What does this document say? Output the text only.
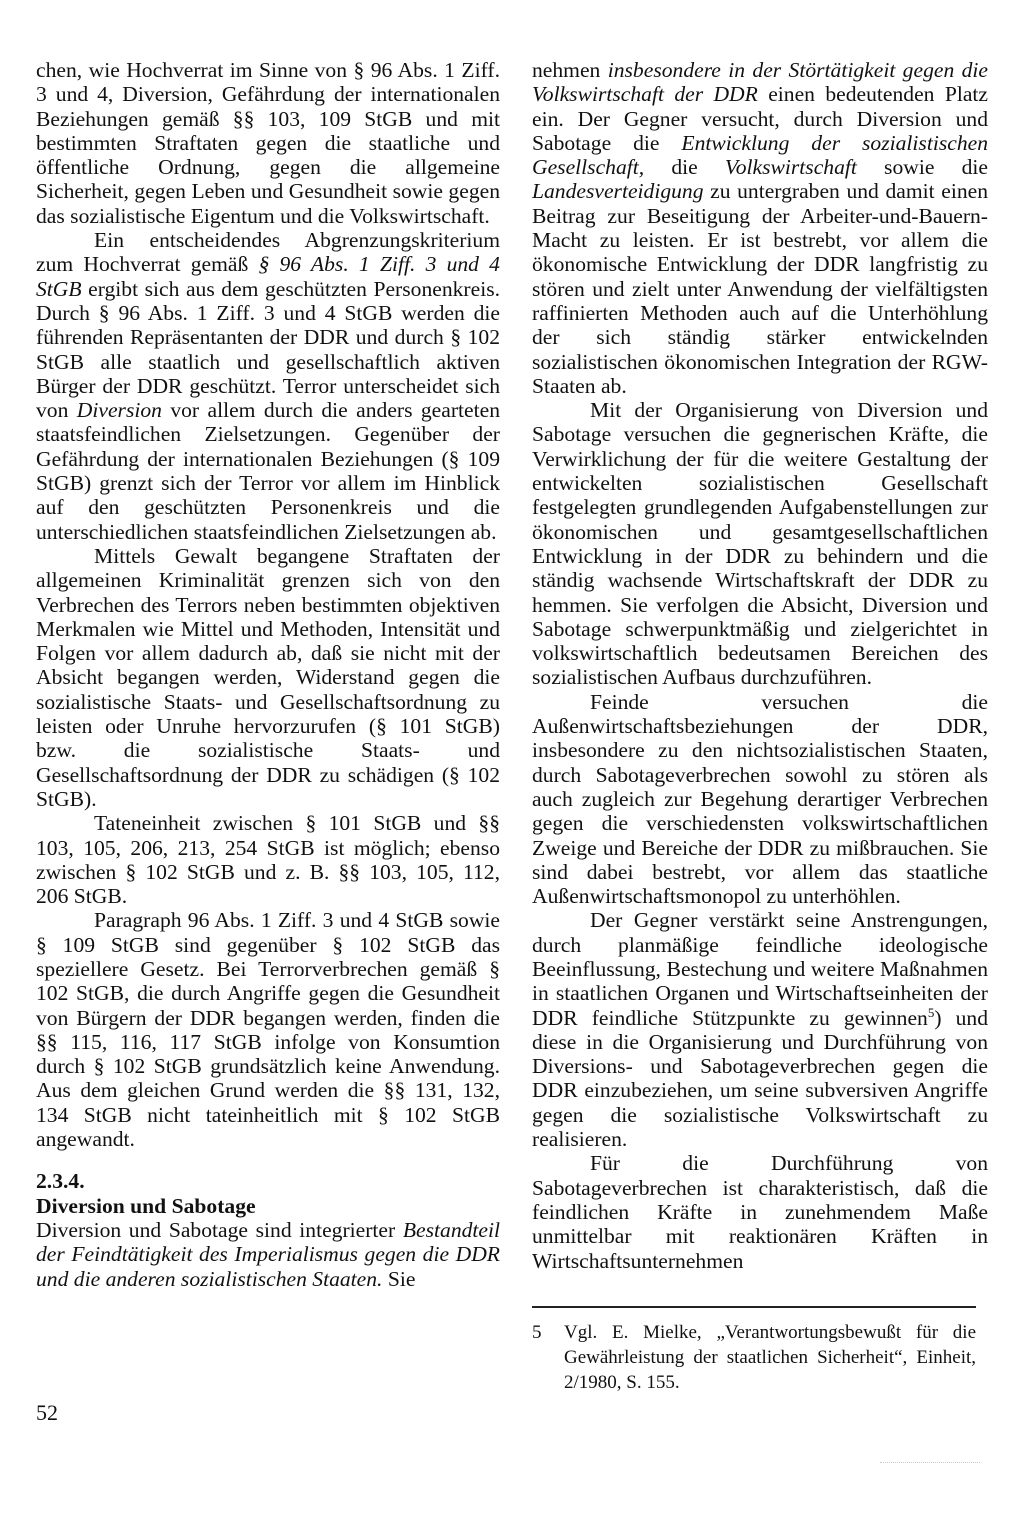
chen, wie Hochverrat im Sinne von § 96 Abs. 1 Ziff. 3 und 4, Diversion, Gefährdung der internationalen Beziehungen gemäß §§ 103, 109 StGB und mit bestimmten Straftaten gegen die staatliche und öffentliche Ordnung, gegen die allgemeine Sicherheit, gegen Leben und Gesundheit sowie gegen das sozialistische Eigentum und die Volkswirtschaft.

Ein entscheidendes Abgrenzungskriterium zum Hochverrat gemäß § 96 Abs. 1 Ziff. 3 und 4 StGB ergibt sich aus dem geschützten Personenkreis. Durch § 96 Abs. 1 Ziff. 3 und 4 StGB werden die führenden Repräsentanten der DDR und durch § 102 StGB alle staatlich und gesellschaftlich aktiven Bürger der DDR geschützt. Terror unterscheidet sich von Diversion vor allem durch die anders gearteten staatsfeindlichen Zielsetzungen. Gegenüber der Gefährdung der internationalen Beziehungen (§ 109 StGB) grenzt sich der Terror vor allem im Hinblick auf den geschützten Personenkreis und die unterschiedlichen staatsfeindlichen Zielsetzungen ab.

Mittels Gewalt begangene Straftaten der allgemeinen Kriminalität grenzen sich von den Verbrechen des Terrors neben bestimmten objektiven Merkmalen wie Mittel und Methoden, Intensität und Folgen vor allem dadurch ab, daß sie nicht mit der Absicht begangen werden, Widerstand gegen die sozialistische Staats- und Gesellschaftsordnung zu leisten oder Unruhe hervorzurufen (§ 101 StGB) bzw. die sozialistische Staats- und Gesellschaftsordnung der DDR zu schädigen (§ 102 StGB).

Tateneinheit zwischen § 101 StGB und §§ 103, 105, 206, 213, 254 StGB ist möglich; ebenso zwischen § 102 StGB und z. B. §§ 103, 105, 112, 206 StGB.

Paragraph 96 Abs. 1 Ziff. 3 und 4 StGB sowie § 109 StGB sind gegenüber § 102 StGB das speziellere Gesetz. Bei Terrorverbrechen gemäß § 102 StGB, die durch Angriffe gegen die Gesundheit von Bürgern der DDR begangen werden, finden die §§ 115, 116, 117 StGB infolge von Konsumtion durch § 102 StGB grundsätzlich keine Anwendung. Aus dem gleichen Grund werden die §§ 131, 132, 134 StGB nicht tateinheitlich mit § 102 StGB angewandt.

2.3.4.

Diversion und Sabotage

Diversion und Sabotage sind integrierter Bestandteil der Feindtätigkeit des Imperialismus gegen die DDR und die anderen sozialistischen Staaten. Sie

nehmen insbesondere in der Störtätigkeit gegen die Volkswirtschaft der DDR einen bedeutenden Platz ein. Der Gegner versucht, durch Diversion und Sabotage die Entwicklung der sozialistischen Gesellschaft, die Volkswirtschaft sowie die Landesverteidigung zu untergraben und damit einen Beitrag zur Beseitigung der Arbeiter-und-Bauern-Macht zu leisten. Er ist bestrebt, vor allem die ökonomische Entwicklung der DDR langfristig zu stören und zielt unter Anwendung der vielfältigsten raffinierten Methoden auch auf die Unterhöhlung der sich ständig stärker entwickelnden sozialistischen ökonomischen Integration der RGW-Staaten ab.

Mit der Organisierung von Diversion und Sabotage versuchen die gegnerischen Kräfte, die Verwirklichung der für die weitere Gestaltung der entwickelten sozialistischen Gesellschaft festgelegten grundlegenden Aufgabenstellungen zur ökonomischen und gesamtgesellschaftlichen Entwicklung in der DDR zu behindern und die ständig wachsende Wirtschaftskraft der DDR zu hemmen. Sie verfolgen die Absicht, Diversion und Sabotage schwerpunktmäßig und zielgerichtet in volkswirtschaftlich bedeutsamen Bereichen des sozialistischen Aufbaus durchzuführen.

Feinde versuchen die Außenwirtschaftsbeziehungen der DDR, insbesondere zu den nichtsozialistischen Staaten, durch Sabotageverbrechen sowohl zu stören als auch zugleich zur Begehung derartiger Verbrechen gegen die verschiedensten volkswirtschaftlichen Zweige und Bereiche der DDR zu mißbrauchen. Sie sind dabei bestrebt, vor allem das staatliche Außenwirtschaftsmonopol zu unterhöhlen.

Der Gegner verstärkt seine Anstrengungen, durch planmäßige feindliche ideologische Beeinflussung, Bestechung und weitere Maßnahmen in staatlichen Organen und Wirtschaftseinheiten der DDR feindliche Stützpunkte zu gewinnen$^5$) und diese in die Organisierung und Durchführung von Diversions- und Sabotageverbrechen gegen die DDR einzubeziehen, um seine subversiven Angriffe gegen die sozialistische Volkswirtschaft zu realisieren.

Für die Durchführung von Sabotageverbrechen ist charakteristisch, daß die feindlichen Kräfte in zunehmendem Maße unmittelbar mit reaktionären Kräften in Wirtschaftsunternehmen

5 Vgl. E. Mielke, „Verantwortungsbewußt für die Gewährleistung der staatlichen Sicherheit“, Einheit, 2/1980, S. 155.
52
